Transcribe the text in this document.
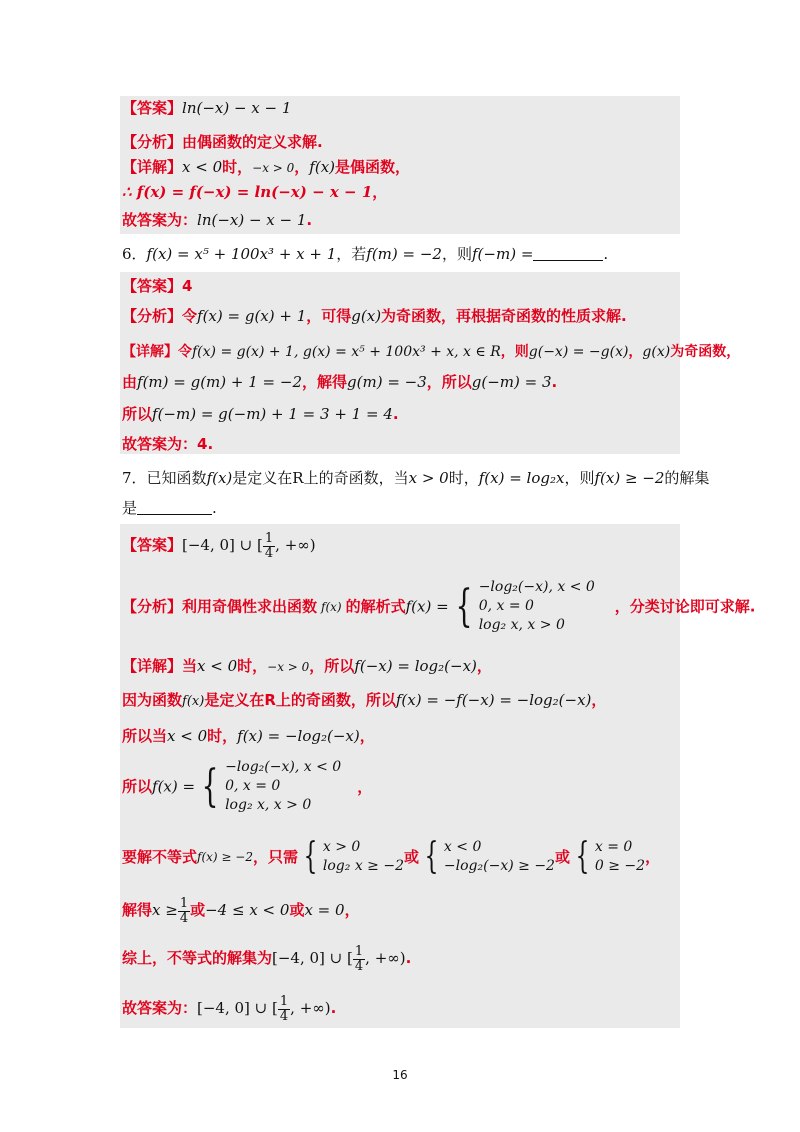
【答案】ln(−x) − x − 1
【分析】由偶函数的定义求解.
【详解】x < 0时，−x > 0，f(x)是偶函数，
∴ f(x) = f(−x) = ln(−x) − x − 1，
故答案为：ln(−x) − x − 1.
6．f(x) = x⁵ + 100x³ + x + 1，若f(m) = −2，则f(−m) =	.
【答案】4
【分析】令f(x) = g(x) + 1，可得g(x)为奇函数，再根据奇函数的性质求解.
【详解】令f(x) = g(x) + 1, g(x) = x⁵ + 100x³ + x, x ∈ R，则g(−x) = −g(x)，g(x)为奇函数，
由f(m) = g(m) + 1 = −2，解得g(m) = −3，所以g(−m) = 3.
所以f(−m) = g(−m) + 1 = 3 + 1 = 4.
故答案为：4.
7．已知函数f(x)是定义在R上的奇函数，当x > 0时，f(x) = log₂x，则f(x) ≥ −2的解集
是	.
【答案】[−4, 0] ∪ [ $\frac{1}{4}$ , +∞)
【分析】利用奇偶性求出函数 f(x) 的解析式f(x) = { −log₂(−x), x < 0
0, x = 0
log₂ x, x > 0
，分类讨论即可求解.
【详解】当x < 0时，−x > 0，所以f(−x) = log₂(−x)，
因为函数f(x)是定义在R上的奇函数，所以f(x) = −f(−x) = −log₂(−x)，
所以当x < 0时，f(x) = −log₂(−x)，
所以f(x) = { −log₂(−x), x < 0
0, x = 0
log₂ x, x > 0
，
要解不等式f(x) ≥ −2，只需 { x > 0
log₂ x ≥ −2 或 { x < 0
−log₂(−x) ≥ −2 或 { x = 0
0 ≥ −2 ，
解得$x \ge \frac{1}{4}$ 或−4 ≤ x < 0或x = 0，
综上，不等式的解集为[−4, 0] ∪ [ $\frac{1}{4}$ , +∞).
故答案为：[−4, 0] ∪ [ $\frac{1}{4}$ , +∞).
16
